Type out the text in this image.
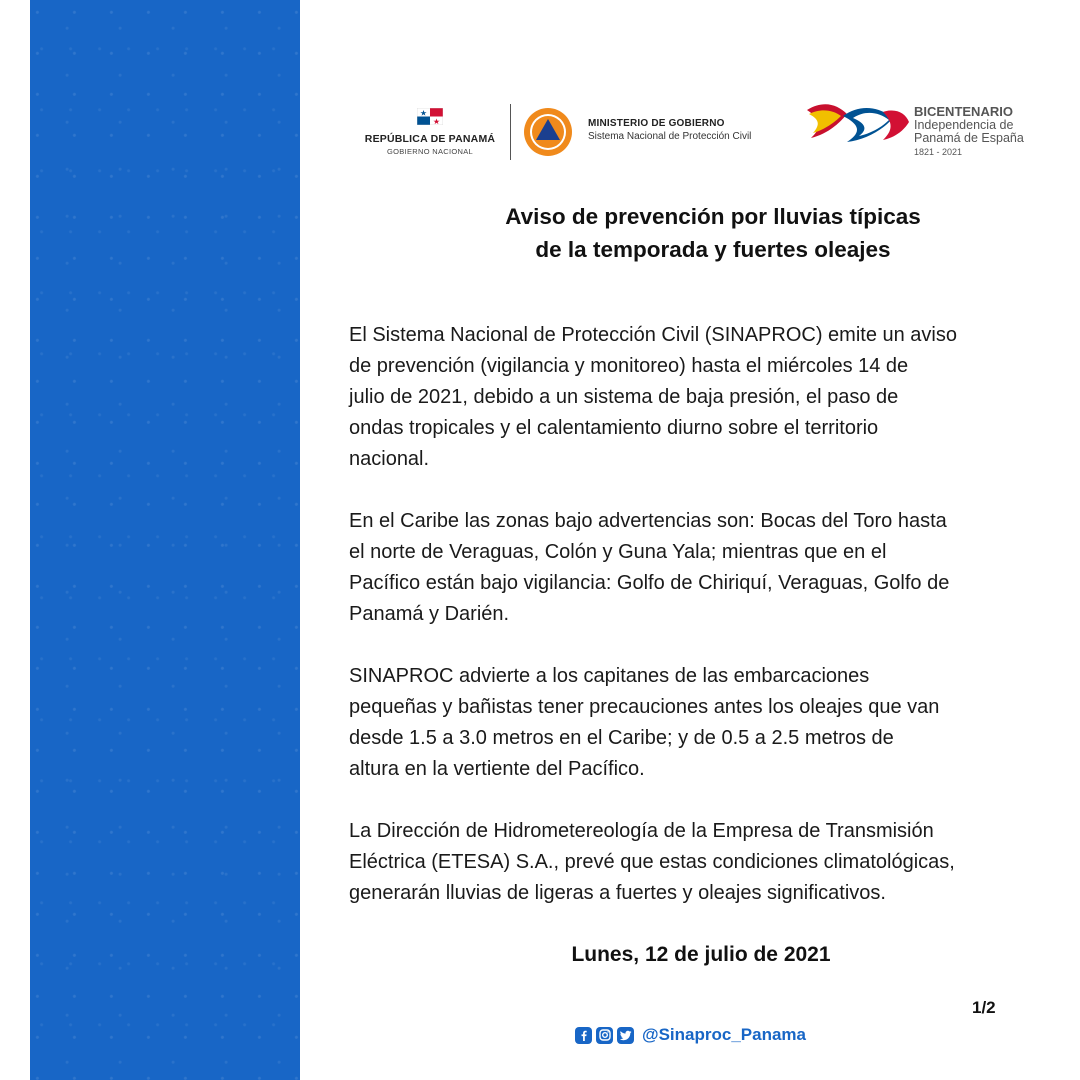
REPÚBLICA DE PANAMÁ
GOBIERNO NACIONAL
MINISTERIO DE GOBIERNO
Sistema Nacional de Protección Civil
BICENTENARIO
Independencia de
Panamá de España
1821 - 2021
Aviso de prevención por lluvias típicas
de la temporada y fuertes oleajes
El Sistema Nacional de Protección Civil (SINAPROC) emite un aviso
de prevención (vigilancia y monitoreo) hasta el miércoles 14 de
julio de 2021, debido a un sistema de baja presión, el paso de
ondas tropicales y el calentamiento diurno sobre el territorio
nacional.
En el Caribe las zonas bajo advertencias son: Bocas del Toro hasta
el norte de Veraguas, Colón y Guna Yala; mientras que en el
Pacífico están bajo vigilancia: Golfo de Chiriquí, Veraguas, Golfo de
Panamá y Darién.
SINAPROC advierte a los capitanes de las embarcaciones
pequeñas y bañistas tener precauciones antes los oleajes que van
desde 1.5 a 3.0 metros en el Caribe; y de 0.5 a 2.5 metros de
altura en la vertiente del Pacífico.
La Dirección de Hidrometereología de la Empresa de Transmisión
Eléctrica (ETESA) S.A., prevé que estas condiciones climatológicas,
generarán lluvias de ligeras a fuertes y oleajes significativos.
Lunes, 12 de julio de 2021
1/2
@Sinaproc_Panama
